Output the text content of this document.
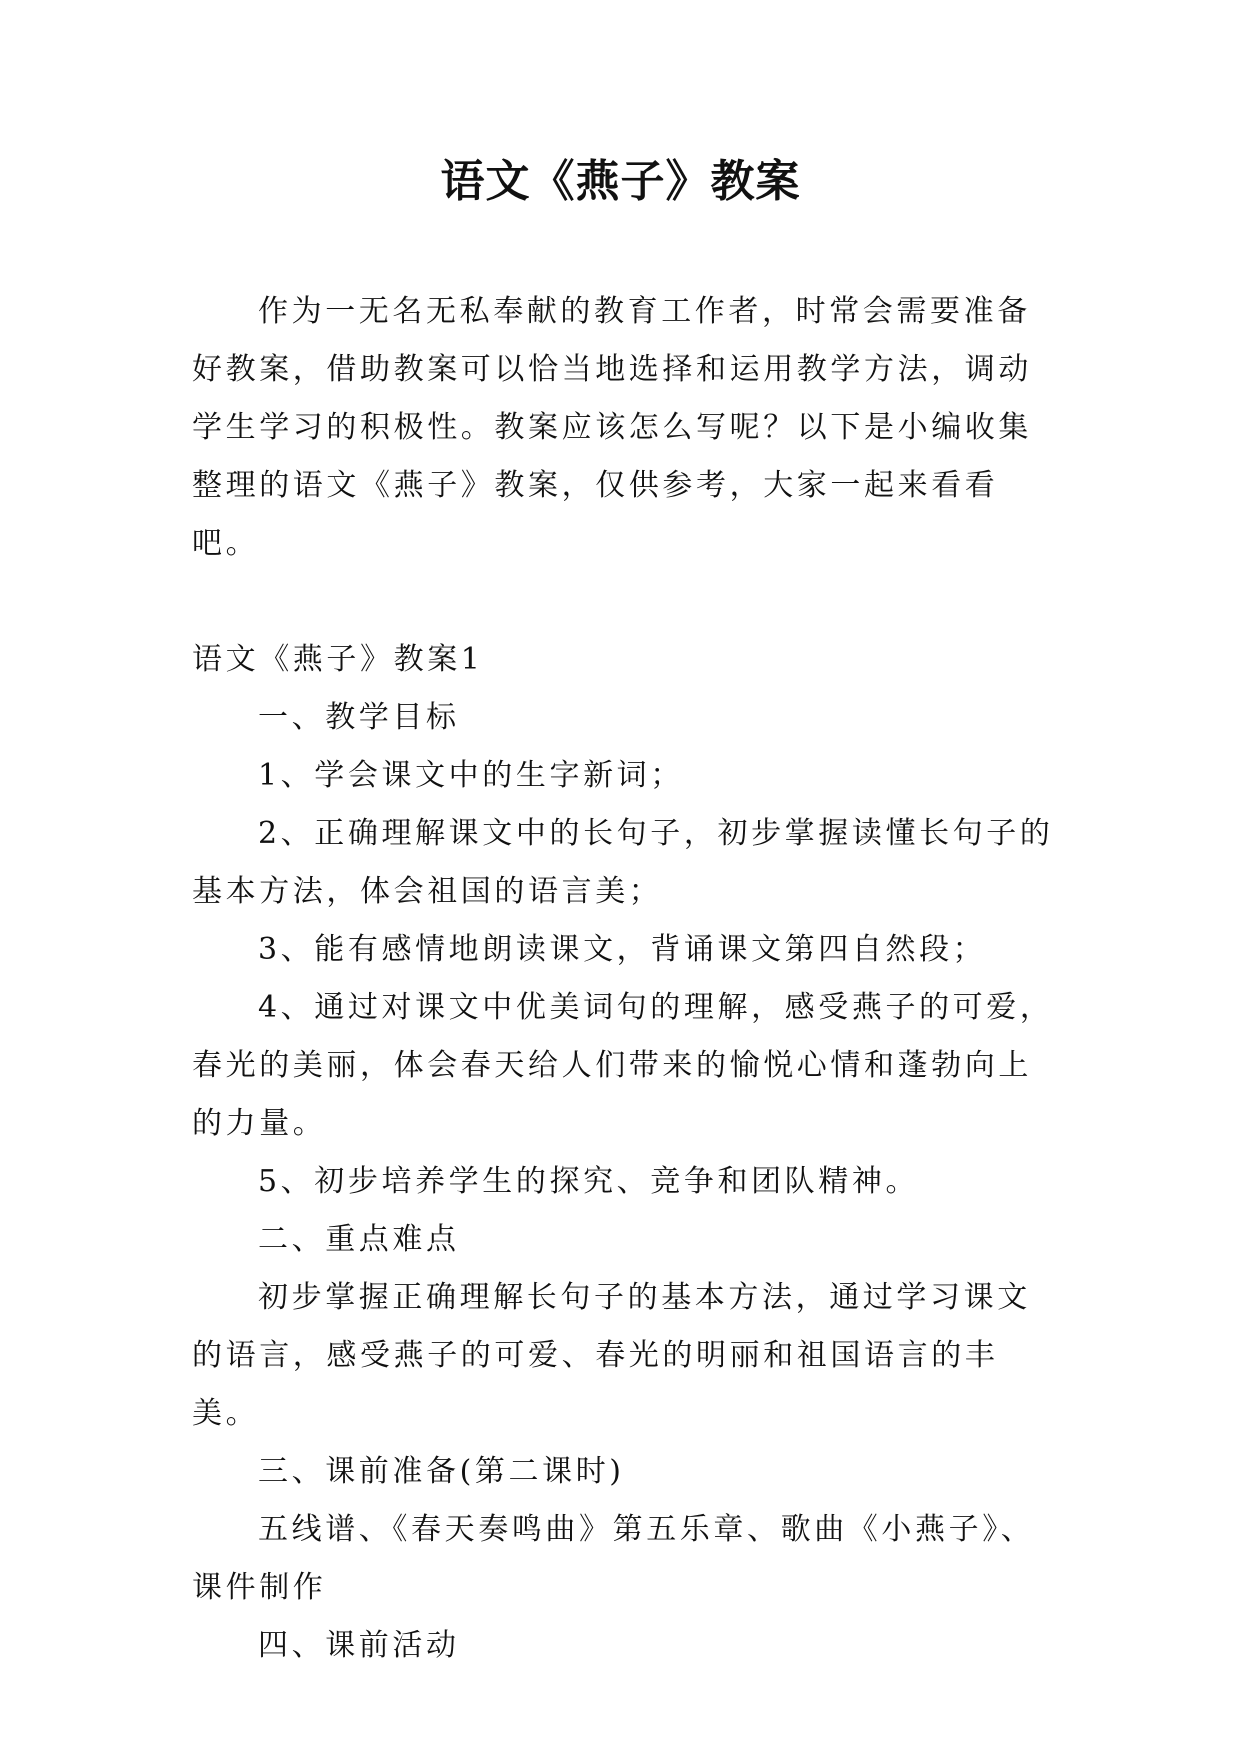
语文《燕子》教案

作为一无名无私奉献的教育工作者，时常会需要准备好教案，借助教案可以恰当地选择和运用教学方法，调动学生学习的积极性。教案应该怎么写呢？以下是小编收集整理的语文《燕子》教案，仅供参考，大家一起来看看吧。

语文《燕子》教案1

一、教学目标

1、学会课文中的生字新词；

2、正确理解课文中的长句子，初步掌握读懂长句子的基本方法，体会祖国的语言美；

3、能有感情地朗读课文，背诵课文第四自然段；

4、通过对课文中优美词句的理解，感受燕子的可爱，春光的美丽，体会春天给人们带来的愉悦心情和蓬勃向上的力量。

5、初步培养学生的探究、竞争和团队精神。

二、重点难点

初步掌握正确理解长句子的基本方法，通过学习课文的语言，感受燕子的可爱、春光的明丽和祖国语言的丰美。

三、课前准备(第二课时)

五线谱、《春天奏鸣曲》第五乐章、歌曲《小燕子》、课件制作

四、课前活动
